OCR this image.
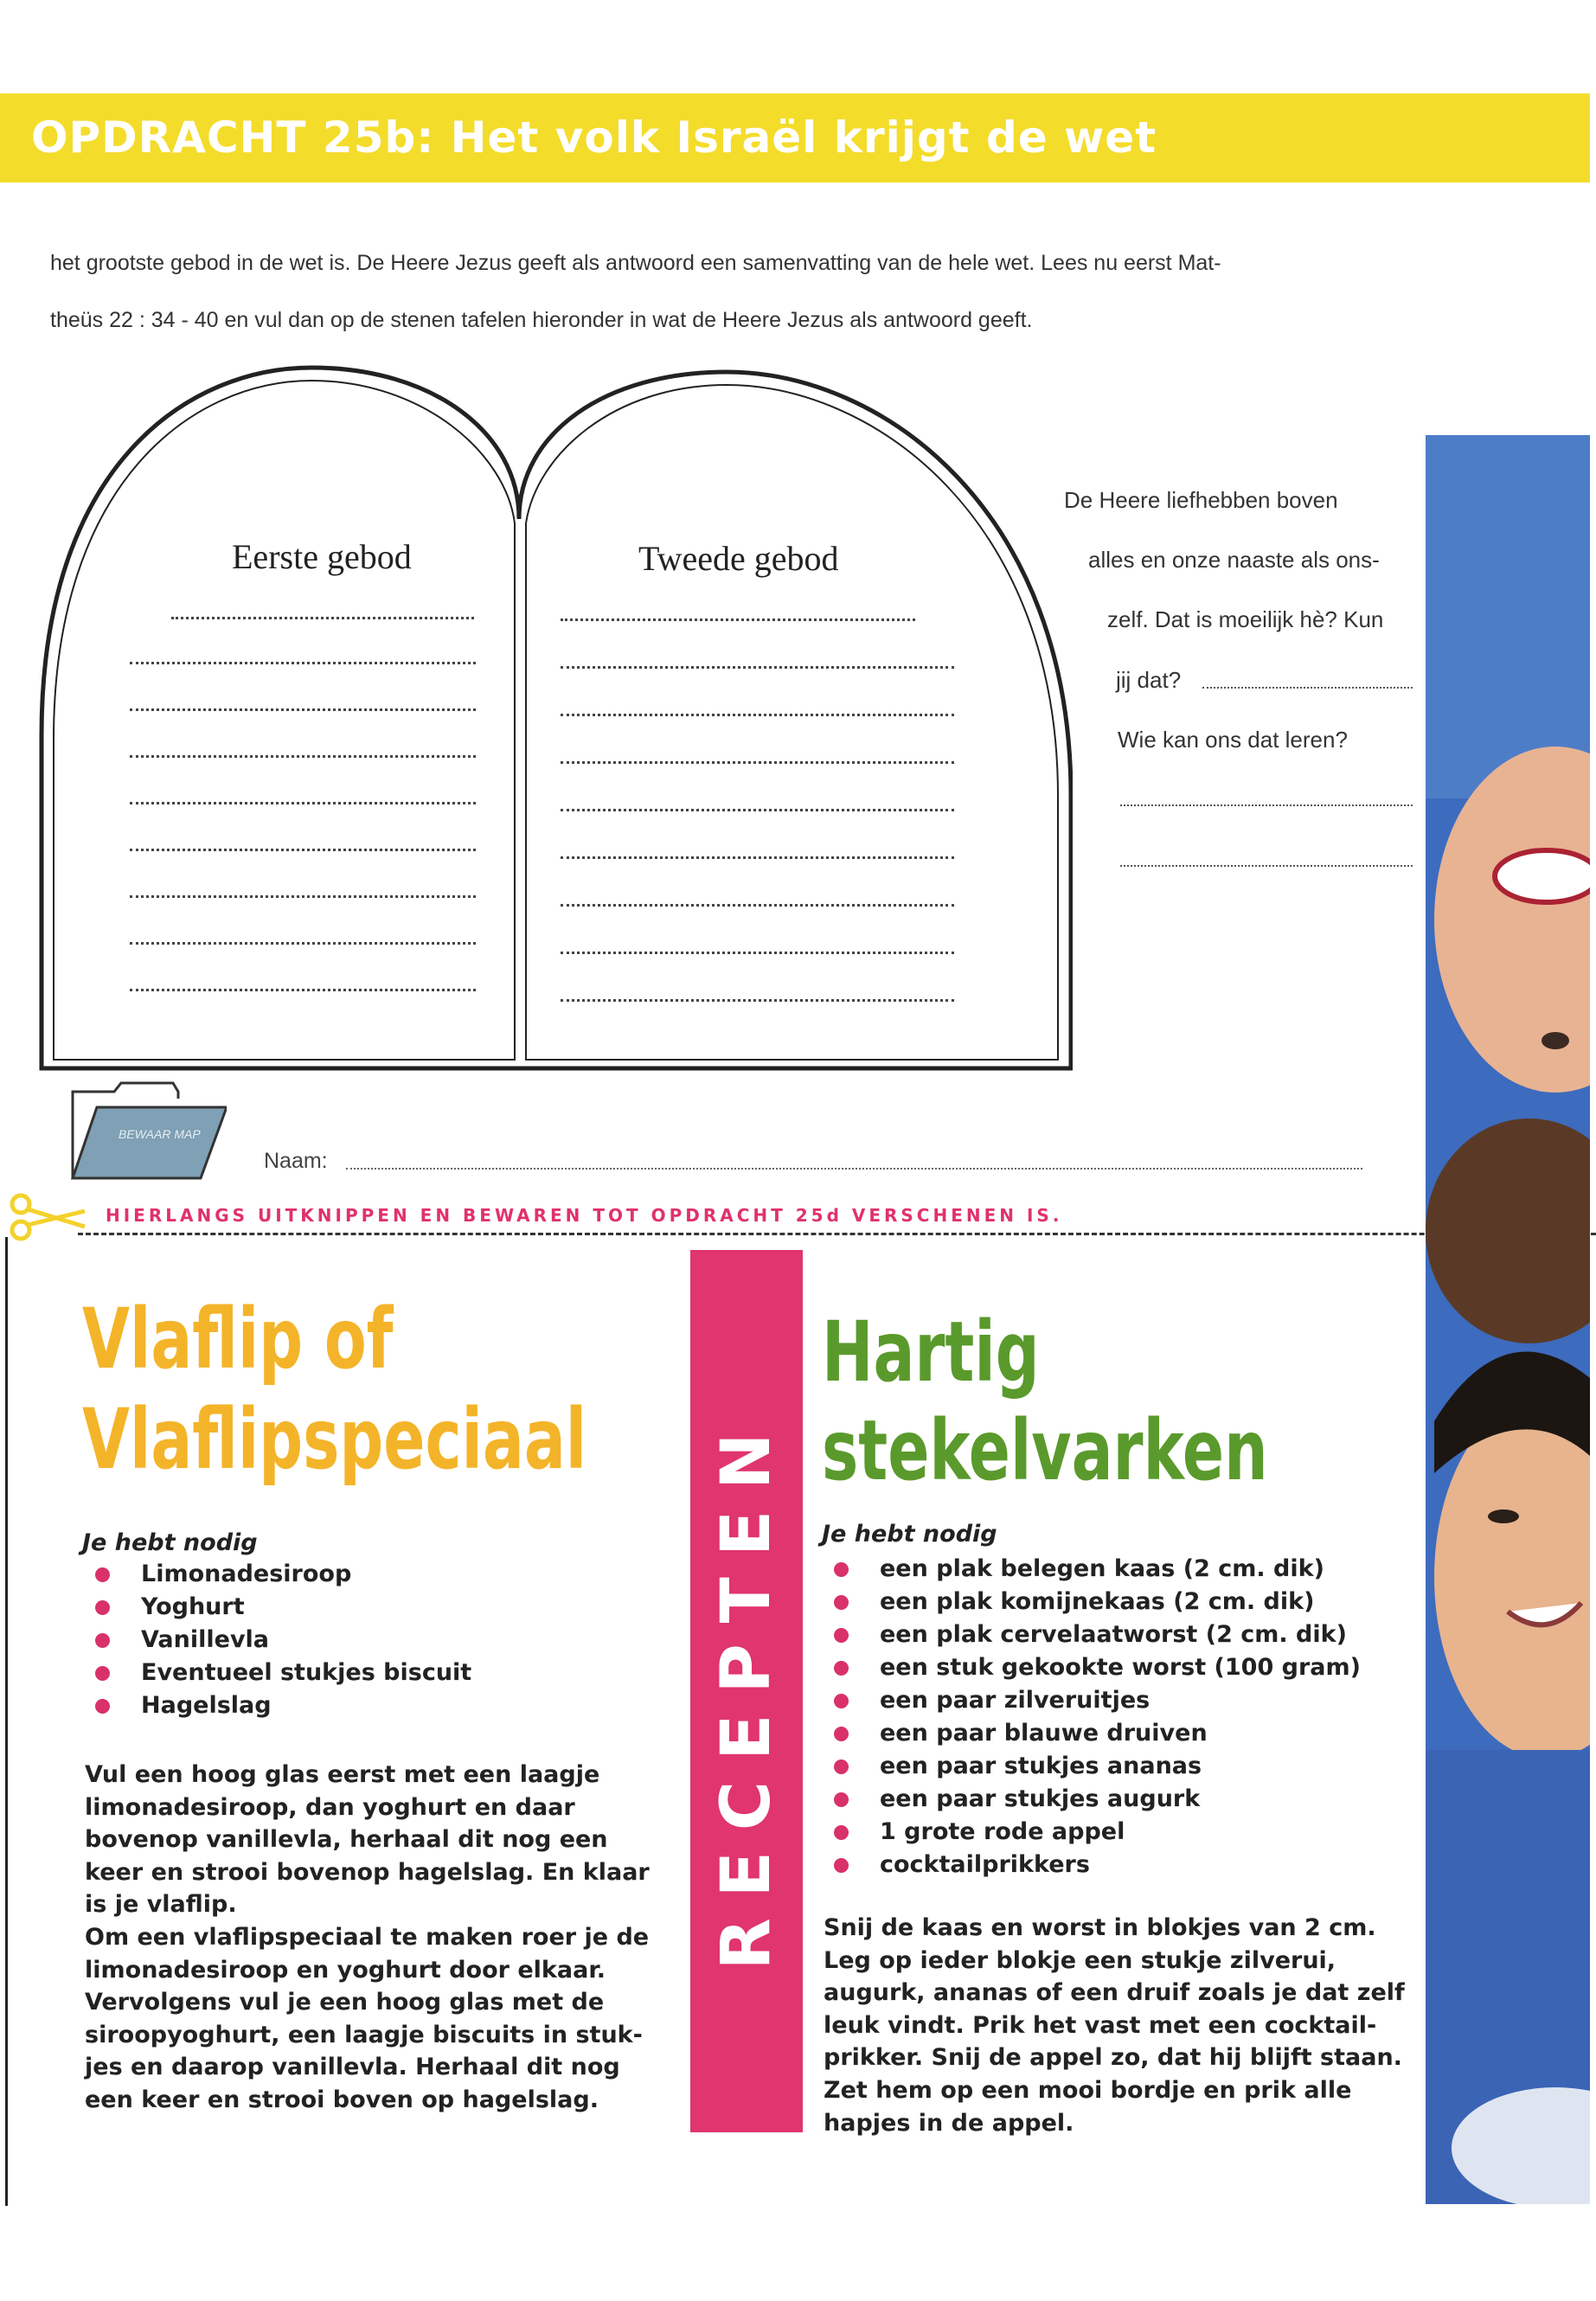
OPDRACHT 25b: Het volk Israël krijgt de wet
het grootste gebod in de wet is. De Heere Jezus geeft als antwoord een samenvatting van de hele wet. Lees nu eerst Mat-
theüs 22 : 34 - 40 en vul dan op de stenen tafelen hieronder in wat de Heere Jezus als antwoord geeft.
Eerste gebod	Tweede gebod
De Heere liefhebben boven
alles en onze naaste als ons-
zelf. Dat is moeilijk hè? Kun
jij dat?
Wie kan ons dat leren?
BEWAAR MAP
Naam:
HIERLANGS UITKNIPPEN EN BEWAREN TOT OPDRACHT 25d VERSCHENEN IS.
RECEPTEN
Vlaflip of
Vlaflipspeciaal
Je hebt nodig
Limonadesiroop
Yoghurt
Vanillevla
Eventueel stukjes biscuit
Hagelslag
Vul een hoog glas eerst met een laagje
limonadesiroop, dan yoghurt en daar
bovenop vanillevla, herhaal dit nog een
keer en strooi bovenop hagelslag. En klaar
is je vlaflip.
Om een vlaflipspeciaal te maken roer je de
limonadesiroop en yoghurt door elkaar.
Vervolgens vul je een hoog glas met de
siroopyoghurt, een laagje biscuits in stuk-
jes en daarop vanillevla. Herhaal dit nog
een keer en strooi boven op hagelslag.
Hartig
stekelvarken
Je hebt nodig
een plak belegen kaas (2 cm. dik)
een plak komijnekaas (2 cm. dik)
een plak cervelaatworst (2 cm. dik)
een stuk gekookte worst (100 gram)
een paar zilveruitjes
een paar blauwe druiven
een paar stukjes ananas
een paar stukjes augurk
1 grote rode appel
cocktailprikkers
Snij de kaas en worst in blokjes van 2 cm.
Leg op ieder blokje een stukje zilverui,
augurk, ananas of een druif zoals je dat zelf
leuk vindt. Prik het vast met een cocktail-
prikker. Snij de appel zo, dat hij blijft staan.
Zet hem op een mooi bordje en prik alle
hapjes in de appel.
